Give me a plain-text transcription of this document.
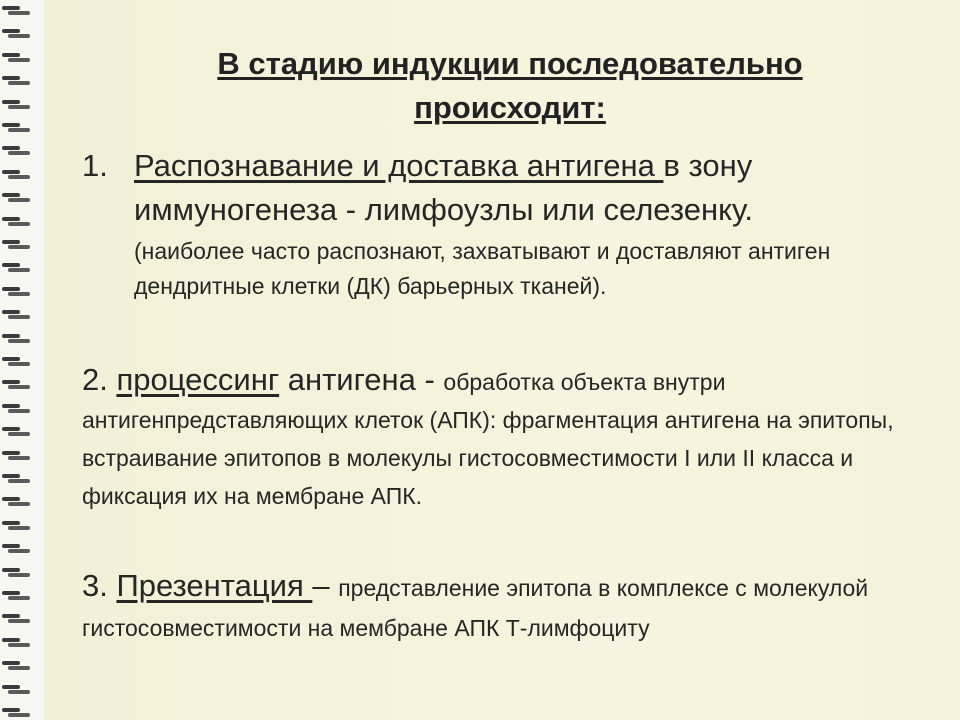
В стадию индукции последовательно происходит:
1. Распознавание и доставка антигена в зону иммуногенеза - лимфоузлы или селезенку.
(наиболее часто распознают, захватывают и доставляют антиген дендритные клетки (ДК) барьерных тканей).
2. процессинг антигена - обработка объекта внутри антигенпредставляющих клеток (АПК): фрагментация антигена на эпитопы, встраивание эпитопов в молекулы гистосовместимости I или II класса и фиксация их на мембране АПК.
3. Презентация – представление эпитопа в комплексе с молекулой гистосовместимости на мембране АПК Т-лимфоциту
